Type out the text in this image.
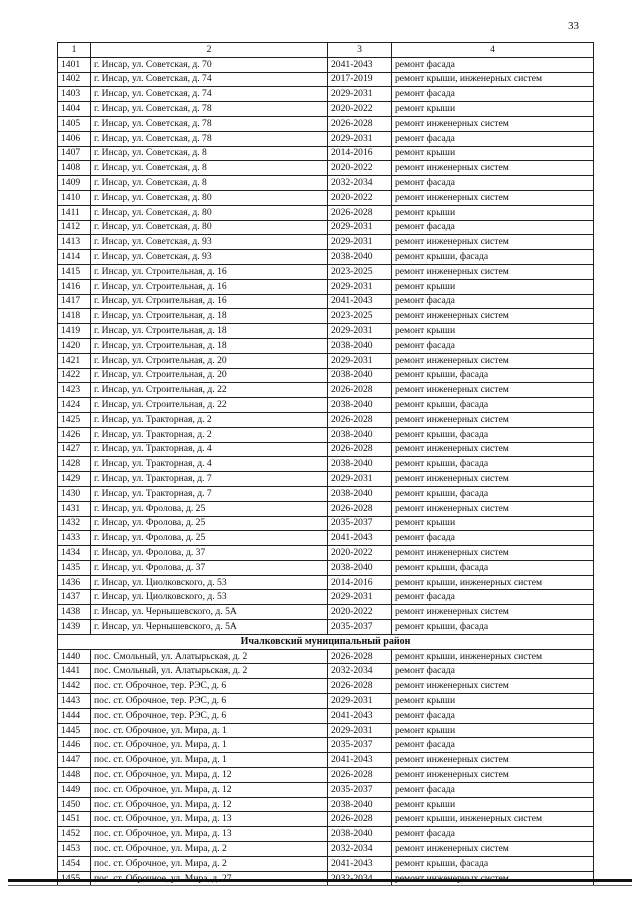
33
1	2	3	4
1401	г. Инсар, ул. Советская, д. 70	2041-2043	ремонт фасада
1402	г. Инсар, ул. Советская, д. 74	2017-2019	ремонт крыши, инженерных систем
1403	г. Инсар, ул. Советская, д. 74	2029-2031	ремонт фасада
1404	г. Инсар, ул. Советская, д. 78	2020-2022	ремонт крыши
1405	г. Инсар, ул. Советская, д. 78	2026-2028	ремонт инженерных систем
1406	г. Инсар, ул. Советская, д. 78	2029-2031	ремонт фасада
1407	г. Инсар, ул. Советская, д. 8	2014-2016	ремонт крыши
1408	г. Инсар, ул. Советская, д. 8	2020-2022	ремонт инженерных систем
1409	г. Инсар, ул. Советская, д. 8	2032-2034	ремонт фасада
1410	г. Инсар, ул. Советская, д. 80	2020-2022	ремонт инженерных систем
1411	г. Инсар, ул. Советская, д. 80	2026-2028	ремонт крыши
1412	г. Инсар, ул. Советская, д. 80	2029-2031	ремонт фасада
1413	г. Инсар, ул. Советская, д. 93	2029-2031	ремонт инженерных систем
1414	г. Инсар, ул. Советская, д. 93	2038-2040	ремонт крыши, фасада
1415	г. Инсар, ул. Строительная, д. 16	2023-2025	ремонт инженерных систем
1416	г. Инсар, ул. Строительная, д. 16	2029-2031	ремонт крыши
1417	г. Инсар, ул. Строительная, д. 16	2041-2043	ремонт фасада
1418	г. Инсар, ул. Строительная, д. 18	2023-2025	ремонт инженерных систем
1419	г. Инсар, ул. Строительная, д. 18	2029-2031	ремонт крыши
1420	г. Инсар, ул. Строительная, д. 18	2038-2040	ремонт фасада
1421	г. Инсар, ул. Строительная, д. 20	2029-2031	ремонт инженерных систем
1422	г. Инсар, ул. Строительная, д. 20	2038-2040	ремонт крыши, фасада
1423	г. Инсар, ул. Строительная, д. 22	2026-2028	ремонт инженерных систем
1424	г. Инсар, ул. Строительная, д. 22	2038-2040	ремонт крыши, фасада
1425	г. Инсар, ул. Тракторная, д. 2	2026-2028	ремонт инженерных систем
1426	г. Инсар, ул. Тракторная, д. 2	2038-2040	ремонт крыши, фасада
1427	г. Инсар, ул. Тракторная, д. 4	2026-2028	ремонт инженерных систем
1428	г. Инсар, ул. Тракторная, д. 4	2038-2040	ремонт крыши, фасада
1429	г. Инсар, ул. Тракторная, д. 7	2029-2031	ремонт инженерных систем
1430	г. Инсар, ул. Тракторная, д. 7	2038-2040	ремонт крыши, фасада
1431	г. Инсар, ул. Фролова, д. 25	2026-2028	ремонт инженерных систем
1432	г. Инсар, ул. Фролова, д. 25	2035-2037	ремонт крыши
1433	г. Инсар, ул. Фролова, д. 25	2041-2043	ремонт фасада
1434	г. Инсар, ул. Фролова, д. 37	2020-2022	ремонт инженерных систем
1435	г. Инсар, ул. Фролова, д. 37	2038-2040	ремонт крыши, фасада
1436	г. Инсар, ул. Циолковского, д. 53	2014-2016	ремонт крыши, инженерных систем
1437	г. Инсар, ул. Циолковского, д. 53	2029-2031	ремонт фасада
1438	г. Инсар, ул. Чернышевского, д. 5А	2020-2022	ремонт инженерных систем
1439	г. Инсар, ул. Чернышевского, д. 5А	2035-2037	ремонт крыши, фасада
Ичалковский муниципальный район			
1440	пос. Смольный, ул. Алатырьская, д. 2	2026-2028	ремонт крыши, инженерных систем
1441	пос. Смольный, ул. Алатырьская, д. 2	2032-2034	ремонт фасада
1442	пос. ст. Оброчное, тер. РЭС, д. 6	2026-2028	ремонт инженерных систем
1443	пос. ст. Оброчное, тер. РЭС, д. 6	2029-2031	ремонт крыши
1444	пос. ст. Оброчное, тер. РЭС, д. 6	2041-2043	ремонт фасада
1445	пос. ст. Оброчное, ул. Мира, д. 1	2029-2031	ремонт крыши
1446	пос. ст. Оброчное, ул. Мира, д. 1	2035-2037	ремонт фасада
1447	пос. ст. Оброчное, ул. Мира, д. 1	2041-2043	ремонт инженерных систем
1448	пос. ст. Оброчное, ул. Мира, д. 12	2026-2028	ремонт инженерных систем
1449	пос. ст. Оброчное, ул. Мира, д. 12	2035-2037	ремонт фасада
1450	пос. ст. Оброчное, ул. Мира, д. 12	2038-2040	ремонт крыши
1451	пос. ст. Оброчное, ул. Мира, д. 13	2026-2028	ремонт крыши, инженерных систем
1452	пос. ст. Оброчное, ул. Мира, д. 13	2038-2040	ремонт фасада
1453	пос. ст. Оброчное, ул. Мира, д. 2	2032-2034	ремонт инженерных систем
1454	пос. ст. Оброчное, ул. Мира, д. 2	2041-2043	ремонт крыши, фасада
